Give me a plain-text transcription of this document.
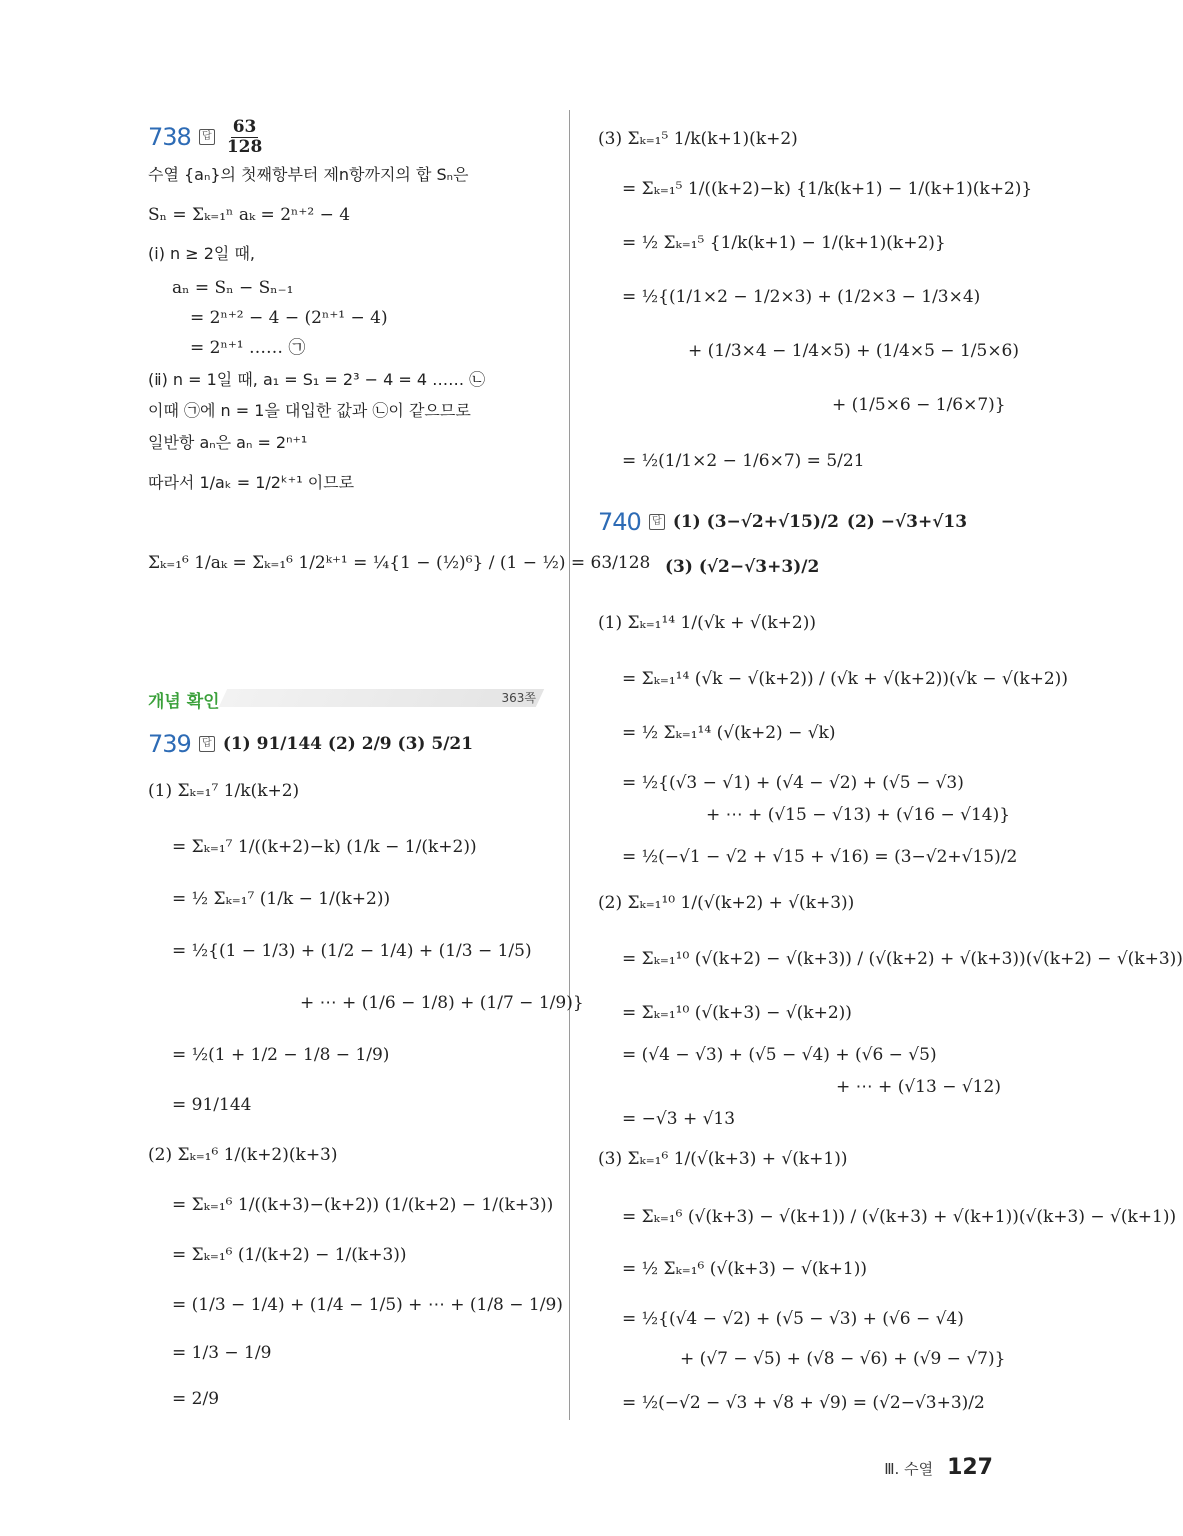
738	답 $\frac{63}{128}$
수열 {aₙ}의 첫째항부터 제n항까지의 합 Sₙ은
Sₙ = Σₖ₌₁ⁿ aₖ = 2ⁿ⁺² − 4
(ⅰ) n ≥ 2일 때,
aₙ = Sₙ − Sₙ₋₁
= 2ⁿ⁺² − 4 − (2ⁿ⁺¹ − 4)
= 2ⁿ⁺¹ …… ㉠
(ⅱ) n = 1일 때, a₁ = S₁ = 2³ − 4 = 4 …… ㉡
이때 ㉠에 n = 1을 대입한 값과 ㉡이 같으므로
일반항 aₙ은 aₙ = 2ⁿ⁺¹
따라서 1/aₖ = 1/2ᵏ⁺¹ 이므로
Σₖ₌₁⁶ 1/aₖ = Σₖ₌₁⁶ 1/2ᵏ⁺¹ = ¼{1 − (½)⁶} / (1 − ½) = 63/128
개념 확인	363쪽
739	답 (1) 91/144 (2) 2/9 (3) 5/21
(1) Σₖ₌₁⁷ 1/k(k+2)
= Σₖ₌₁⁷ 1/((k+2)−k) (1/k − 1/(k+2))
= ½ Σₖ₌₁⁷ (1/k − 1/(k+2))
= ½{(1 − 1/3) + (1/2 − 1/4) + (1/3 − 1/5)
+ ⋯ + (1/6 − 1/8) + (1/7 − 1/9)}
= ½(1 + 1/2 − 1/8 − 1/9)
= 91/144
(2) Σₖ₌₁⁶ 1/(k+2)(k+3)
= Σₖ₌₁⁶ 1/((k+3)−(k+2)) (1/(k+2) − 1/(k+3))
= Σₖ₌₁⁶ (1/(k+2) − 1/(k+3))
= (1/3 − 1/4) + (1/4 − 1/5) + ⋯ + (1/8 − 1/9)
= 1/3 − 1/9
= 2/9
(3) Σₖ₌₁⁵ 1/k(k+1)(k+2)
= Σₖ₌₁⁵ 1/((k+2)−k) {1/k(k+1) − 1/(k+1)(k+2)}
= ½ Σₖ₌₁⁵ {1/k(k+1) − 1/(k+1)(k+2)}
= ½{(1/1×2 − 1/2×3) + (1/2×3 − 1/3×4)
+ (1/3×4 − 1/4×5) + (1/4×5 − 1/5×6)
+ (1/5×6 − 1/6×7)}
= ½(1/1×2 − 1/6×7) = 5/21
740	답 (1) (3−√2+√15)/2 (2) −√3+√13
(3) (√2−√3+3)/2
(1) Σₖ₌₁¹⁴ 1/(√k + √(k+2))
= Σₖ₌₁¹⁴ (√k − √(k+2)) / (√k + √(k+2))(√k − √(k+2))
= ½ Σₖ₌₁¹⁴ (√(k+2) − √k)
= ½{(√3 − √1) + (√4 − √2) + (√5 − √3)
+ ⋯ + (√15 − √13) + (√16 − √14)}
= ½(−√1 − √2 + √15 + √16) = (3−√2+√15)/2
(2) Σₖ₌₁¹⁰ 1/(√(k+2) + √(k+3))
= Σₖ₌₁¹⁰ (√(k+2) − √(k+3)) / (√(k+2) + √(k+3))(√(k+2) − √(k+3))
= Σₖ₌₁¹⁰ (√(k+3) − √(k+2))
= (√4 − √3) + (√5 − √4) + (√6 − √5)
+ ⋯ + (√13 − √12)
= −√3 + √13
(3) Σₖ₌₁⁶ 1/(√(k+3) + √(k+1))
= Σₖ₌₁⁶ (√(k+3) − √(k+1)) / (√(k+3) + √(k+1))(√(k+3) − √(k+1))
= ½ Σₖ₌₁⁶ (√(k+3) − √(k+1))
= ½{(√4 − √2) + (√5 − √3) + (√6 − √4)
+ (√7 − √5) + (√8 − √6) + (√9 − √7)}
= ½(−√2 − √3 + √8 + √9) = (√2−√3+3)/2
Ⅲ. 수열 127
